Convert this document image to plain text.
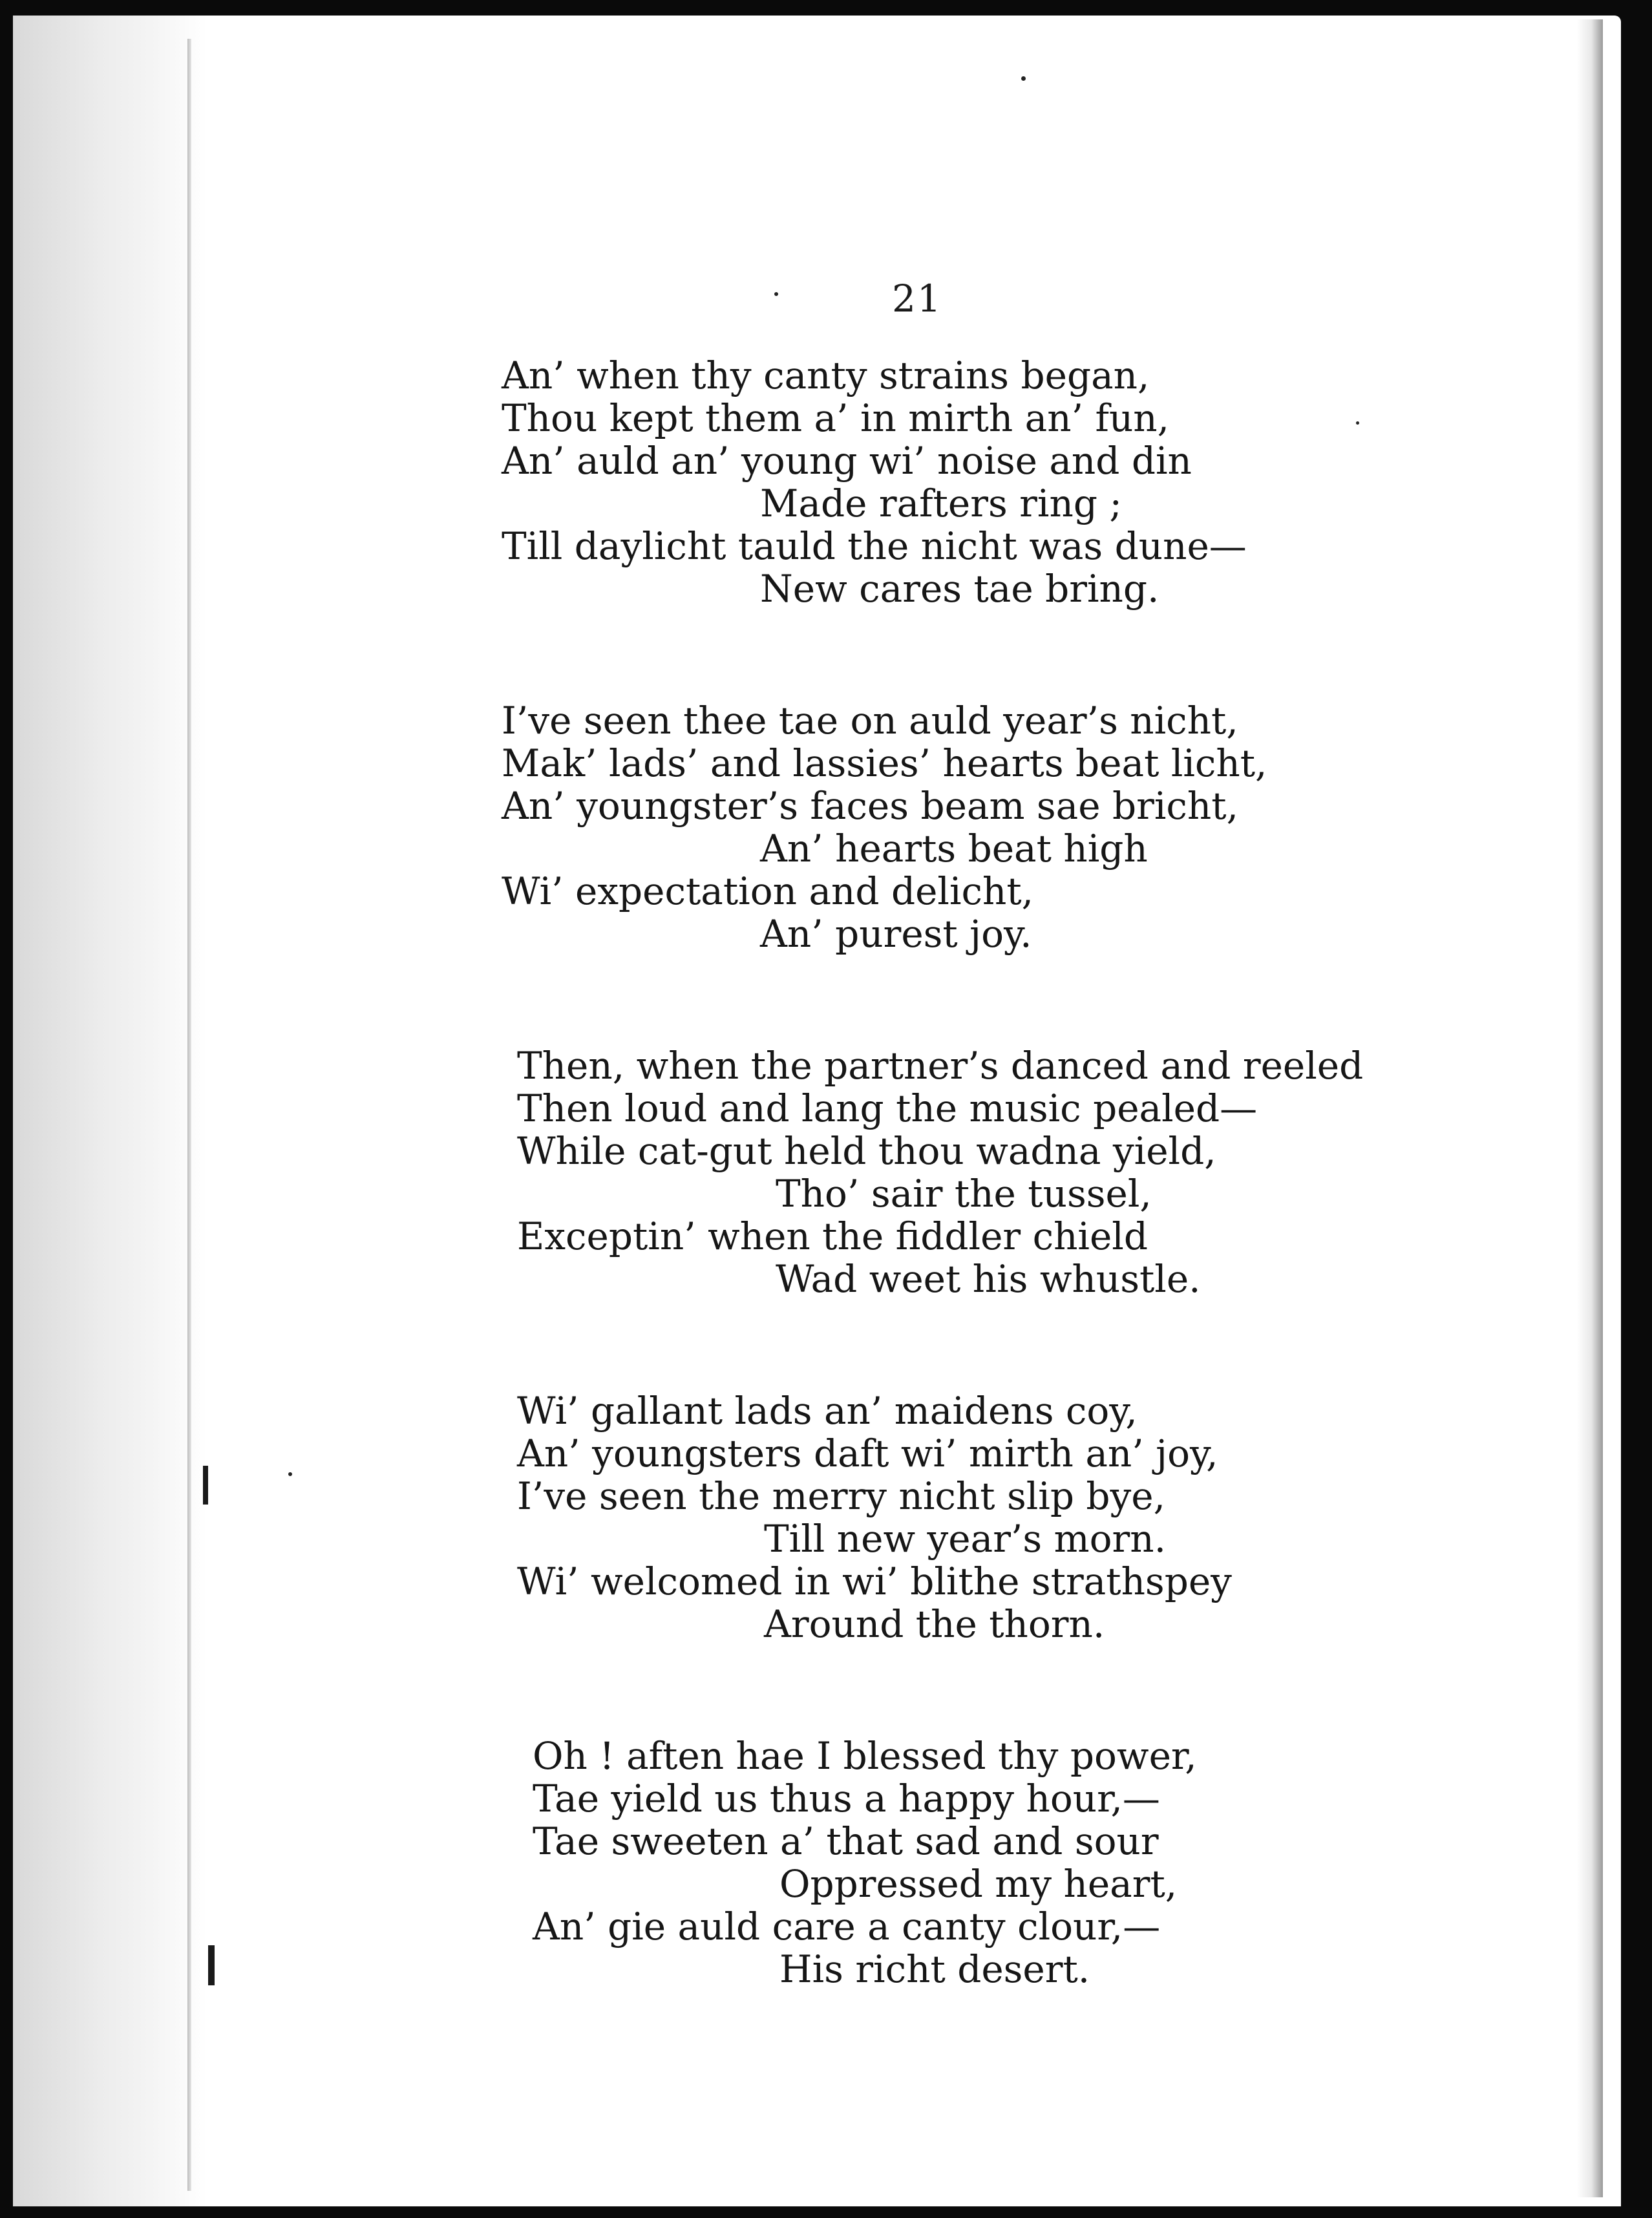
21
An’ when thy canty strains began,
Thou kept them a’ in mirth an’ fun,
An’ auld an’ young wi’ noise and din
Made rafters ring ;
Till daylicht tauld the nicht was dune—
New cares tae bring.
I’ve seen thee tae on auld year’s nicht,
Mak’ lads’ and lassies’ hearts beat licht,
An’ youngster’s faces beam sae bricht,
An’ hearts beat high
Wi’ expectation and delicht,
An’ purest joy.
Then, when the partner’s danced and reeled
Then loud and lang the music pealed—
While cat-gut held thou wadna yield,
Tho’ sair the tussel,
Exceptin’ when the fiddler chield
Wad weet his whustle.
Wi’ gallant lads an’ maidens coy,
An’ youngsters daft wi’ mirth an’ joy,
I’ve seen the merry nicht slip bye,
Till new year’s morn.
Wi’ welcomed in wi’ blithe strathspey
Around the thorn.
Oh ! aften hae I blessed thy power,
Tae yield us thus a happy hour,—
Tae sweeten a’ that sad and sour
Oppressed my heart,
An’ gie auld care a canty clour,—
His richt desert.
